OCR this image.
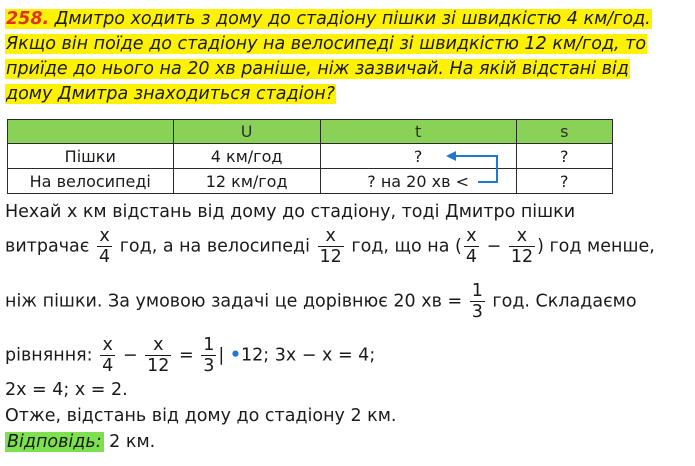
258. Дмитро ходить з дому до стадіону пішки зі швидкістю 4 км/год.
Якщо він поїде до стадіону на велосипеді зі швидкістю 12 км/год, то
приїде до нього на 20 хв раніше, ніж зазвичай. На якій відстані від
дому Дмитра знаходиться стадіон?
	U	t	s
Пішки	4 км/год	?	?
На велосипеді	12 км/год	? на 20 хв <	?
Нехай х км відстань від дому до стадіону, тоді Дмитро пішки
витрачає $\frac{х}{4}$ год, а на велосипеді $\frac{х}{12}$ год, що на ( $\frac{х}{4} - \frac{х}{12}$ ) год менше,
ніж пішки. За умовою задачі це дорівнює 20 хв = $\frac{1}{3}$ год. Складаємо
рівняння: $\frac{х}{4} - \frac{х}{12} = \frac{1}{3}$ | •12; 3х − х = 4;
2х = 4; х = 2.
Отже, відстань від дому до стадіону 2 км.
Відповідь: 2 км.
